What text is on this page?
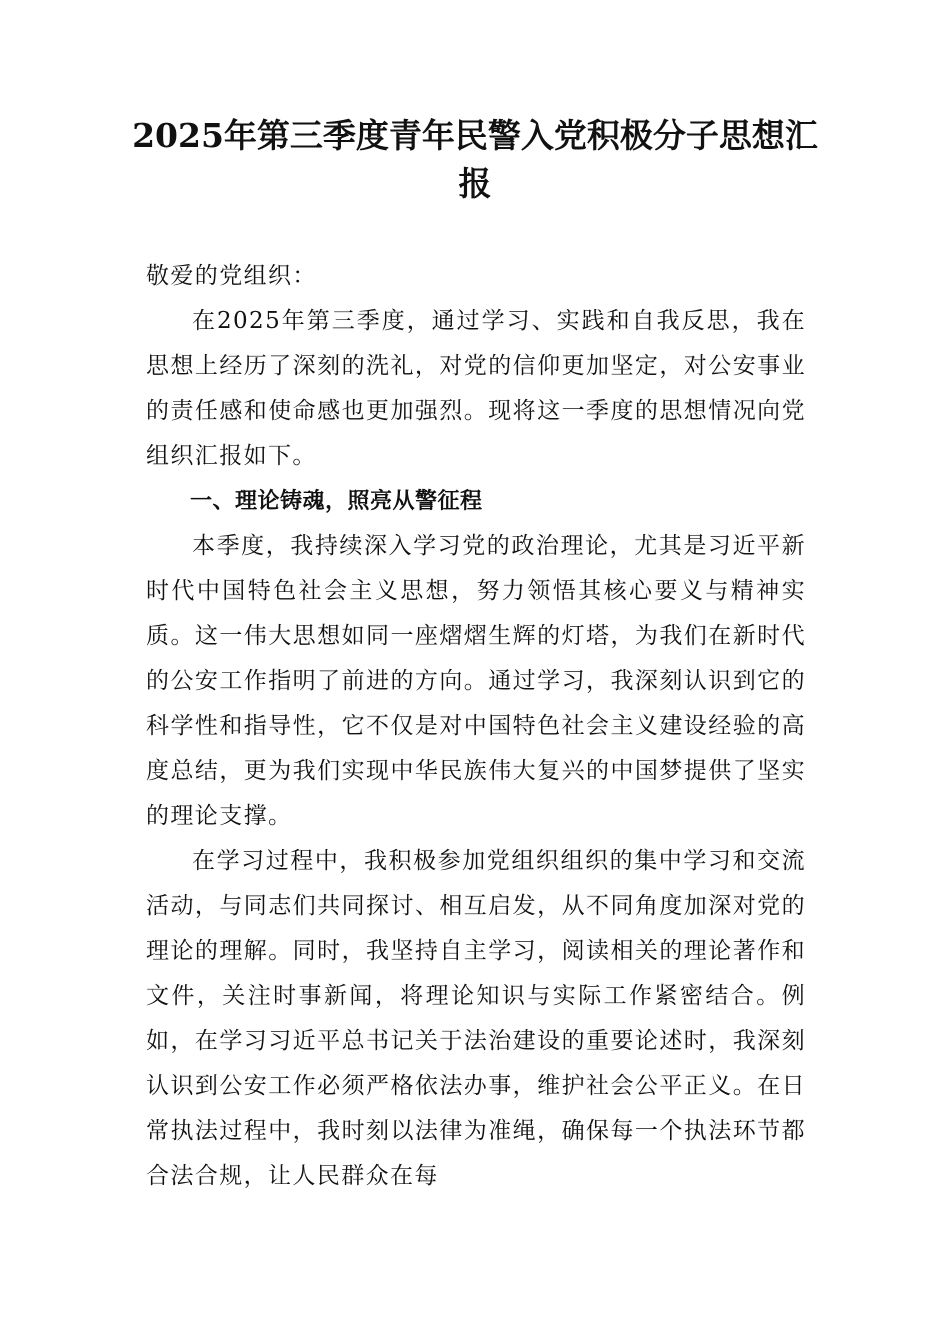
2025年第三季度青年民警入党积极分子思想汇报

敬爱的党组织：

在2025年第三季度，通过学习、实践和自我反思，我在思想上经历了深刻的洗礼，对党的信仰更加坚定，对公安事业的责任感和使命感也更加强烈。现将这一季度的思想情况向党组织汇报如下。

一、理论铸魂，照亮从警征程

本季度，我持续深入学习党的政治理论，尤其是习近平新时代中国特色社会主义思想，努力领悟其核心要义与精神实质。这一伟大思想如同一座熠熠生辉的灯塔，为我们在新时代的公安工作指明了前进的方向。通过学习，我深刻认识到它的科学性和指导性，它不仅是对中国特色社会主义建设经验的高度总结，更为我们实现中华民族伟大复兴的中国梦提供了坚实的理论支撑。

在学习过程中，我积极参加党组织组织的集中学习和交流活动，与同志们共同探讨、相互启发，从不同角度加深对党的理论的理解。同时，我坚持自主学习，阅读相关的理论著作和文件，关注时事新闻，将理论知识与实际工作紧密结合。例如，在学习习近平总书记关于法治建设的重要论述时，我深刻认识到公安工作必须严格依法办事，维护社会公平正义。在日常执法过程中，我时刻以法律为准绳，确保每一个执法环节都合法合规，让人民群众在每
